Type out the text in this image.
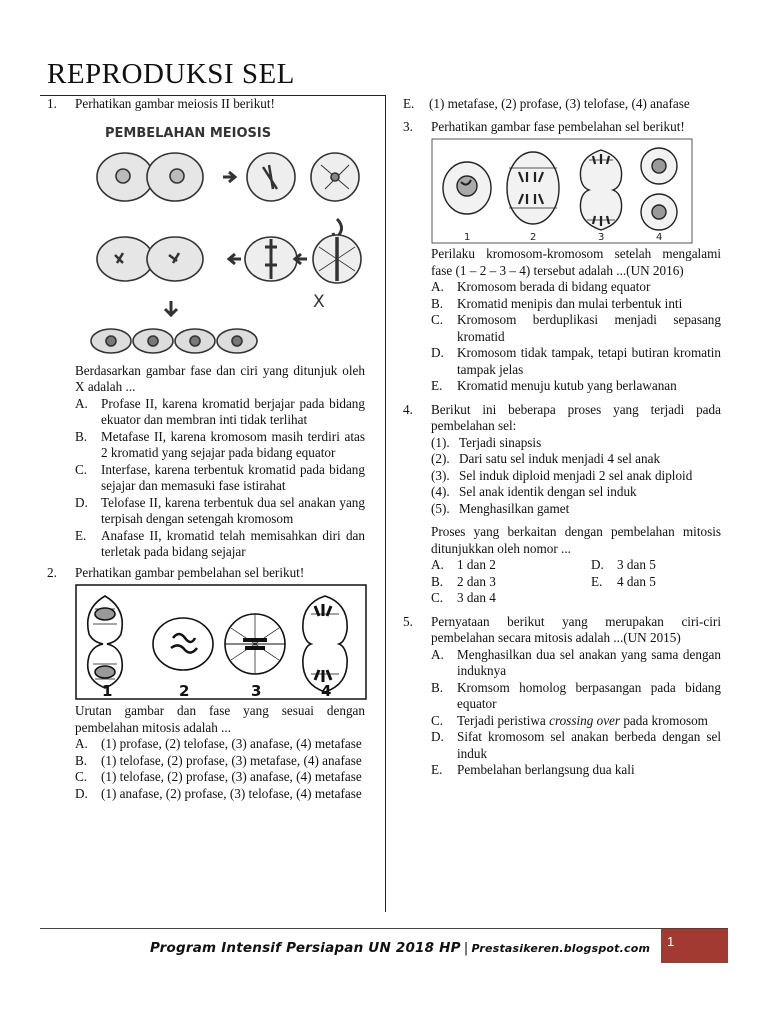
REPRODUKSI SEL
1. Perhatikan gambar meiosis II berikut!
PEMBELAHAN MEIOSIS
X
Berdasarkan gambar fase dan ciri yang ditunjuk oleh X adalah ...
A. Profase II, karena kromatid berjajar pada bidang ekuator dan membran inti tidak terlihat
B. Metafase II, karena kromosom masih terdiri atas 2 kromatid yang sejajar pada bidang equator
C. Interfase, karena terbentuk kromatid pada bidang sejajar dan memasuki fase istirahat
D. Telofase II, karena terbentuk dua sel anakan yang terpisah dengan setengah kromosom
E. Anafase II, kromatid telah memisahkan diri dan terletak pada bidang sejajar
2. Perhatikan gambar pembelahan sel berikut!
1	2	3	4
Urutan gambar dan fase yang sesuai dengan pembelahan mitosis adalah ...
A. (1) profase, (2) telofase, (3) anafase, (4) metafase
B. (1) telofase, (2) profase, (3) metafase, (4) anafase
C. (1) telofase, (2) profase, (3) anafase, (4) metafase
D. (1) anafase, (2) profase, (3) telofase, (4) metafase
E. (1) metafase, (2) profase, (3) telofase, (4) anafase
3. Perhatikan gambar fase pembelahan sel berikut!
1	2	3	4
Perilaku kromosom-kromosom setelah mengalami fase (1 – 2 – 3 – 4) tersebut adalah ...(UN 2016)
A. Kromosom berada di bidang equator
B. Kromatid menipis dan mulai terbentuk inti
C. Kromosom berduplikasi menjadi sepasang kromatid
D. Kromosom tidak tampak, tetapi butiran kromatin tampak jelas
E. Kromatid menuju kutub yang berlawanan
4. Berikut ini beberapa proses yang terjadi pada pembelahan sel:
(1). Terjadi sinapsis
(2). Dari satu sel induk menjadi 4 sel anak
(3). Sel induk diploid menjadi 2 sel anak diploid
(4). Sel anak identik dengan sel induk
(5). Menghasilkan gamet
Proses yang berkaitan dengan pembelahan mitosis ditunjukkan oleh nomor ...
A. 1 dan 2	D. 3 dan 5
B. 2 dan 3	E. 4 dan 5
C. 3 dan 4
5. Pernyataan berikut yang merupakan ciri-ciri pembelahan secara mitosis adalah ...(UN 2015)
A. Menghasilkan dua sel anakan yang sama dengan induknya
B. Kromsom homolog berpasangan pada bidang equator
C. Terjadi peristiwa crossing over pada kromosom
D. Sifat kromosom sel anakan berbeda dengan sel induk
E. Pembelahan berlangsung dua kali
Program Intensif Persiapan UN 2018 HP | Prestasikeren.blogspot.com 1
